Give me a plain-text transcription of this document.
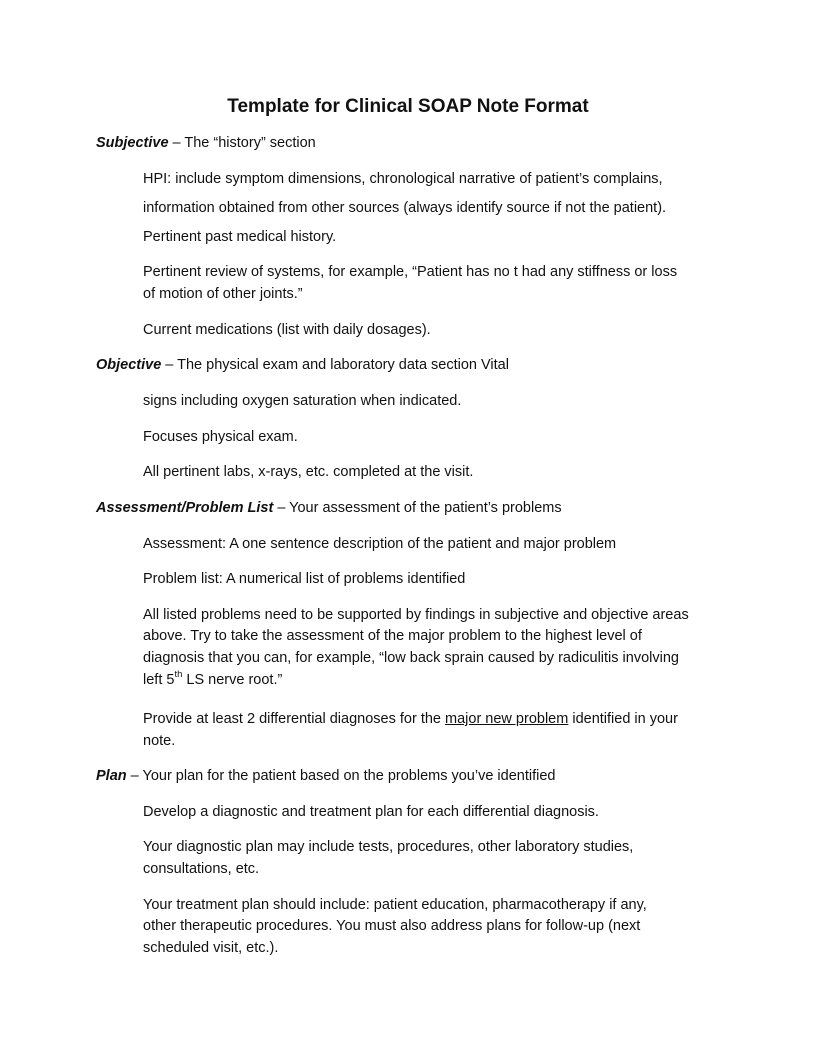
Template for Clinical SOAP Note Format
Subjective – The “history” section
HPI: include symptom dimensions, chronological narrative of patient’s complains,
information obtained from other sources (always identify source if not the patient).
Pertinent past medical history.
Pertinent review of systems, for example, “Patient has no t had any stiffness or loss
of motion of other joints.”
Current medications (list with daily dosages).
Objective – The physical exam and laboratory data section Vital
signs including oxygen saturation when indicated.
Focuses physical exam.
All pertinent labs, x-rays, etc. completed at the visit.
Assessment/Problem List – Your assessment of the patient’s problems
Assessment: A one sentence description of the patient and major problem
Problem list: A numerical list of problems identified
All listed problems need to be supported by findings in subjective and objective areas
above. Try to take the assessment of the major problem to the highest level of
diagnosis that you can, for example, “low back sprain caused by radiculitis involving
left 5th LS nerve root.”
Provide at least 2 differential diagnoses for the major new problem identified in your
note.
Plan – Your plan for the patient based on the problems you’ve identified
Develop a diagnostic and treatment plan for each differential diagnosis.
Your diagnostic plan may include tests, procedures, other laboratory studies,
consultations, etc.
Your treatment plan should include: patient education, pharmacotherapy if any,
other therapeutic procedures. You must also address plans for follow-up (next
scheduled visit, etc.).
